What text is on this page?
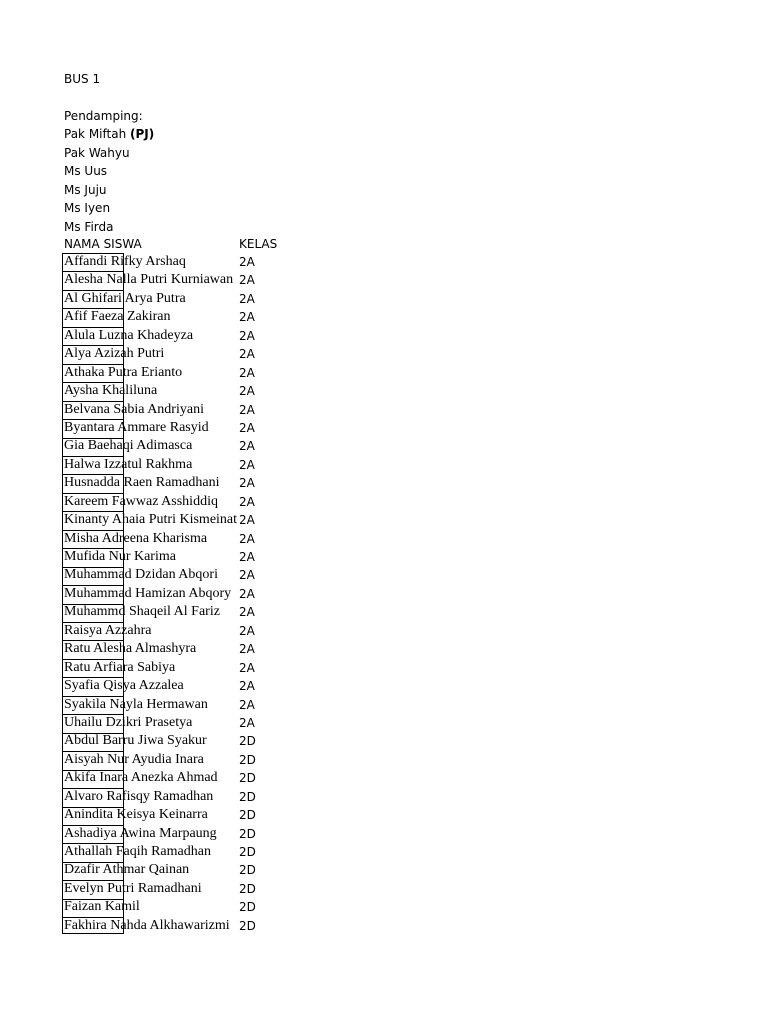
BUS 1
Pendamping:
Pak Miftah (PJ)
Pak Wahyu
Ms Uus
Ms Juju
Ms Iyen
Ms Firda
NAMA SISWA	KELAS
Affandi Rifky Arshaq	2A
Alesha Nalla Putri Kurniawan 2A
Al Ghifari Arya Putra	2A
Afif Faeza Zakiran	2A
Alula Luzna Khadeyza	2A
Alya Azizah Putri	2A
Athaka Putra Erianto	2A
Aysha Khaliluna	2A
Belvana Sabia Andriyani	2A
Byantara Ammare Rasyid	2A
Gia Baehaqi Adimasca	2A
Halwa Izzatul Rakhma	2A
Husnadda Raen Ramadhani 2A
Kareem Fawwaz Asshiddiq 2A
Kinanty Ahaia Putri Kismeinat 2A
Misha Adreena Kharisma	2A
Mufida Nur Karima	2A
Muhammad Dzidan Abqori 2A
Muhammad Hamizan Abqory 2A
Muhammd Shaqeil Al Fariz 2A
Raisya Azzahra	2A
Ratu Alesha Almashyra	2A
Ratu Arfiara Sabiya	2A
Syafia Qisya Azzalea	2A
Syakila Nayla Hermawan	2A
Uhailu Dzikri Prasetya	2A
Abdul Barru Jiwa Syakur	2D
Aisyah Nur Ayudia Inara	2D
Akifa Inara Anezka Ahmad 2D
Alvaro Rafisqy Ramadhan 2D
Anindita Keisya Keinarra	2D
Ashadiya Awina Marpaung 2D
Athallah Faqih Ramadhan 2D
Dzafir Athmar Qainan	2D
Evelyn Putri Ramadhani	2D
Faizan Kamil	2D
Fakhira Nahda Alkhawarizmi 2D
